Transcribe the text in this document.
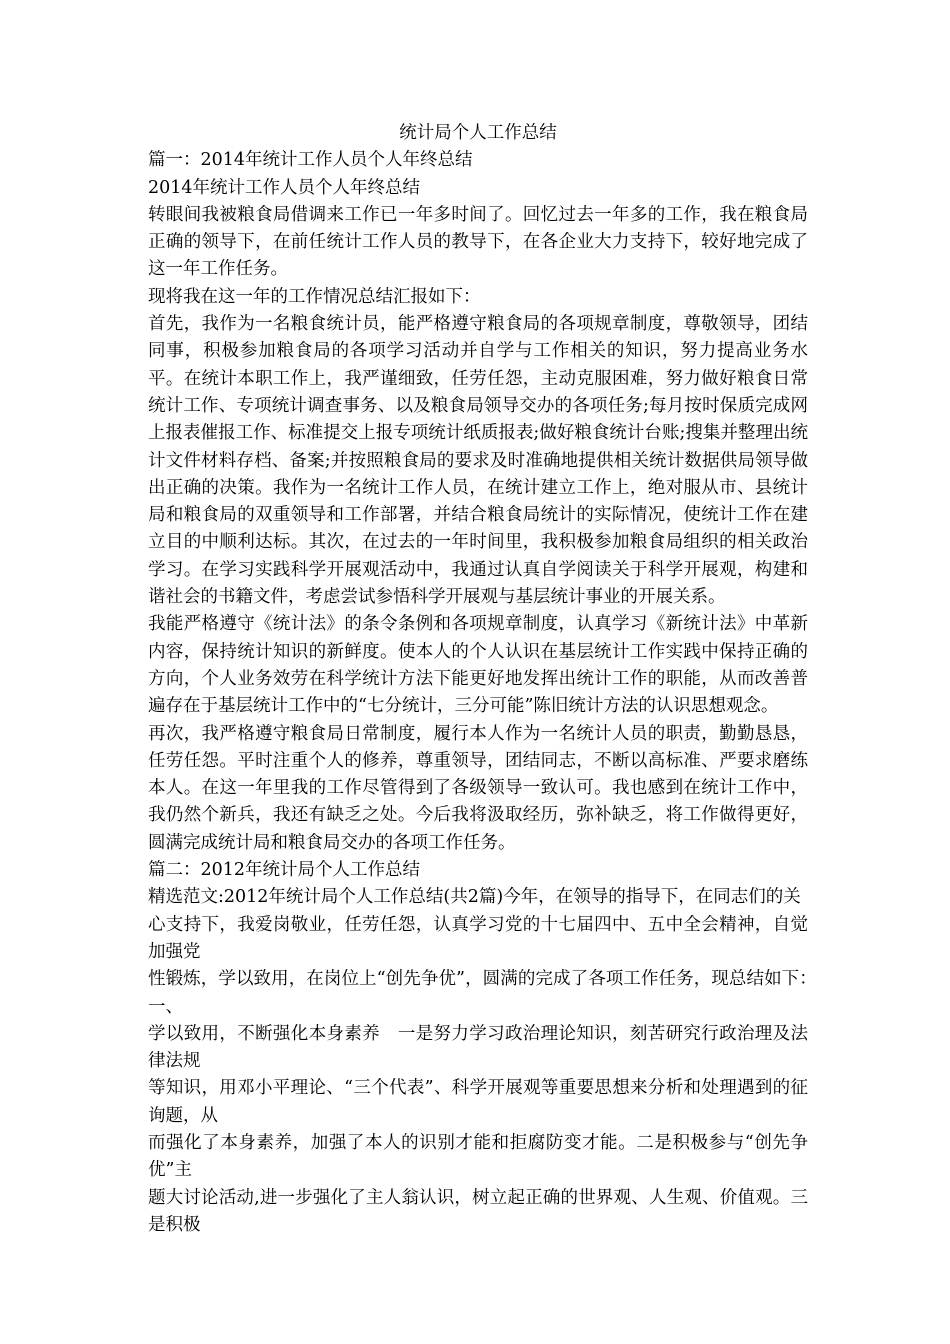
统计局个人工作总结

篇一：2014年统计工作人员个人年终总结

2014年统计工作人员个人年终总结

转眼间我被粮食局借调来工作已一年多时间了。回忆过去一年多的工作，我在粮食局正确的领导下，在前任统计工作人员的教导下，在各企业大力支持下，较好地完成了这一年工作任务。

现将我在这一年的工作情况总结汇报如下：

首先，我作为一名粮食统计员，能严格遵守粮食局的各项规章制度，尊敬领导，团结同事，积极参加粮食局的各项学习活动并自学与工作相关的知识，努力提高业务水平。在统计本职工作上，我严谨细致，任劳任怨，主动克服困难，努力做好粮食日常统计工作、专项统计调查事务、以及粮食局领导交办的各项任务;每月按时保质完成网上报表催报工作、标准提交上报专项统计纸质报表;做好粮食统计台账;搜集并整理出统计文件材料存档、备案;并按照粮食局的要求及时准确地提供相关统计数据供局领导做出正确的决策。我作为一名统计工作人员，在统计建立工作上，绝对服从市、县统计局和粮食局的双重领导和工作部署，并结合粮食局统计的实际情况，使统计工作在建立目的中顺利达标。其次，在过去的一年时间里，我积极参加粮食局组织的相关政治学习。在学习实践科学开展观活动中，我通过认真自学阅读关于科学开展观，构建和谐社会的书籍文件，考虑尝试参悟科学开展观与基层统计事业的开展关系。

我能严格遵守《统计法》的条令条例和各项规章制度，认真学习《新统计法》中革新内容，保持统计知识的新鲜度。使本人的个人认识在基层统计工作实践中保持正确的方向，个人业务效劳在科学统计方法下能更好地发挥出统计工作的职能，从而改善普遍存在于基层统计工作中的“七分统计，三分可能”陈旧统计方法的认识思想观念。

再次，我严格遵守粮食局日常制度，履行本人作为一名统计人员的职责，勤勤恳恳，任劳任怨。平时注重个人的修养，尊重领导，团结同志，不断以高标准、严要求磨练本人。在这一年里我的工作尽管得到了各级领导一致认可。我也感到在统计工作中，我仍然个新兵，我还有缺乏之处。今后我将汲取经历，弥补缺乏，将工作做得更好，圆满完成统计局和粮食局交办的各项工作任务。

篇二：2012年统计局个人工作总结

精选范文:2012年统计局个人工作总结(共2篇)今年，在领导的指导下，在同志们的关

心支持下，我爱岗敬业，任劳任怨，认真学习党的十七届四中、五中全会精神，自觉加强党

性锻炼，学以致用，在岗位上“创先争优”，圆满的完成了各项工作任务，现总结如下：　一、

学以致用，不断强化本身素养　一是努力学习政治理论知识，刻苦研究行政治理及法律法规

等知识，用邓小平理论、“三个代表”、科学开展观等重要思想来分析和处理遇到的征询题，从

而强化了本身素养，加强了本人的识别才能和拒腐防变才能。二是积极参与“创先争优”主

题大讨论活动,进一步强化了主人翁认识，树立起正确的世界观、人生观、价值观。三是积极
